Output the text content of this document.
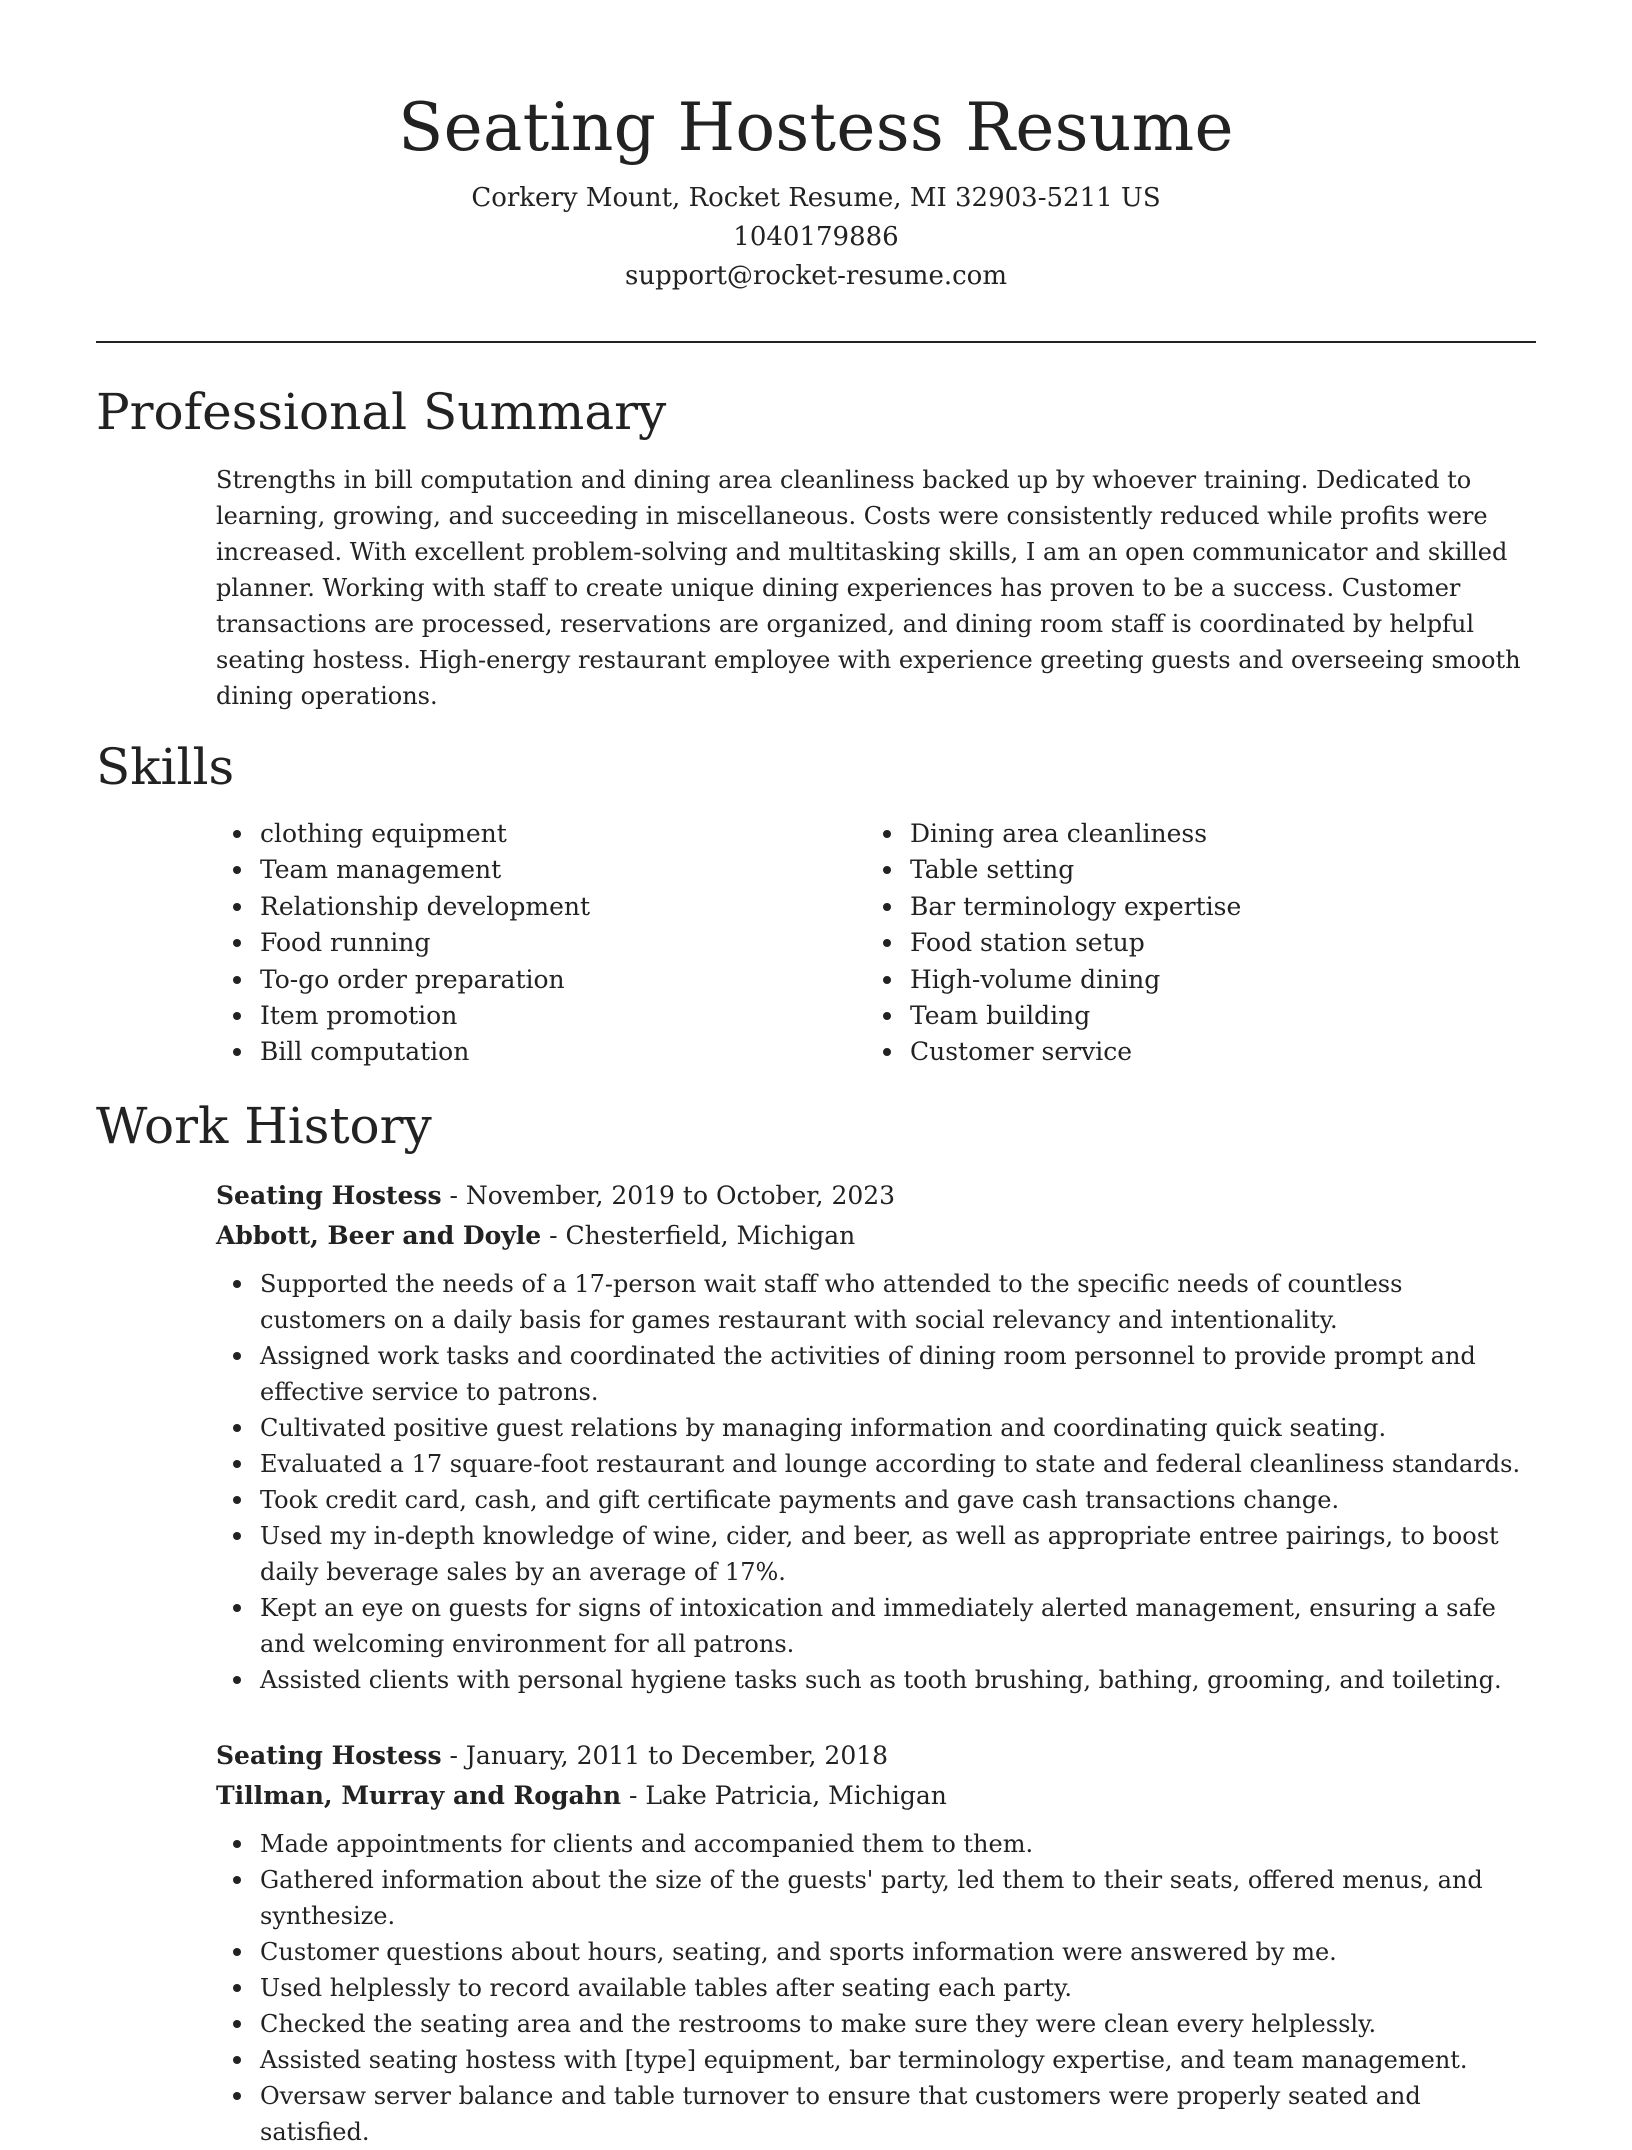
Seating Hostess Resume

Corkery Mount, Rocket Resume, MI 32903-5211 US

1040179886

support@rocket-resume.com

Professional Summary

Strengths in bill computation and dining area cleanliness backed up by whoever training. Dedicated to learning, growing, and succeeding in miscellaneous. Costs were consistently reduced while profits were increased. With excellent problem-solving and multitasking skills, I am an open communicator and skilled planner. Working with staff to create unique dining experiences has proven to be a success. Customer transactions are processed, reservations are organized, and dining room staff is coordinated by helpful seating hostess. High-energy restaurant employee with experience greeting guests and overseeing smooth dining operations.

Skills
clothing equipment
Team management
Relationship development
Food running
To-go order preparation
Item promotion
Bill computation
Dining area cleanliness
Table setting
Bar terminology expertise
Food station setup
High-volume dining
Team building
Customer service
Work History

Seating Hostess - November, 2019 to October, 2023

Abbott, Beer and Doyle - Chesterfield, Michigan

Supported the needs of a 17-person wait staff who attended to the specific needs of countless customers on a daily basis for games restaurant with social relevancy and intentionality.
Assigned work tasks and coordinated the activities of dining room personnel to provide prompt and effective service to patrons.
Cultivated positive guest relations by managing information and coordinating quick seating.
Evaluated a 17 square-foot restaurant and lounge according to state and federal cleanliness standards.
Took credit card, cash, and gift certificate payments and gave cash transactions change.
Used my in-depth knowledge of wine, cider, and beer, as well as appropriate entree pairings, to boost daily beverage sales by an average of 17%.
Kept an eye on guests for signs of intoxication and immediately alerted management, ensuring a safe and welcoming environment for all patrons.
Assisted clients with personal hygiene tasks such as tooth brushing, bathing, grooming, and toileting.

Seating Hostess - January, 2011 to December, 2018

Tillman, Murray and Rogahn - Lake Patricia, Michigan

Made appointments for clients and accompanied them to them.
Gathered information about the size of the guests' party, led them to their seats, offered menus, and synthesize.
Customer questions about hours, seating, and sports information were answered by me.
Used helplessly to record available tables after seating each party.
Checked the seating area and the restrooms to make sure they were clean every helplessly.
Assisted seating hostess with [type] equipment, bar terminology expertise, and team management.
Oversaw server balance and table turnover to ensure that customers were properly seated and satisfied.
